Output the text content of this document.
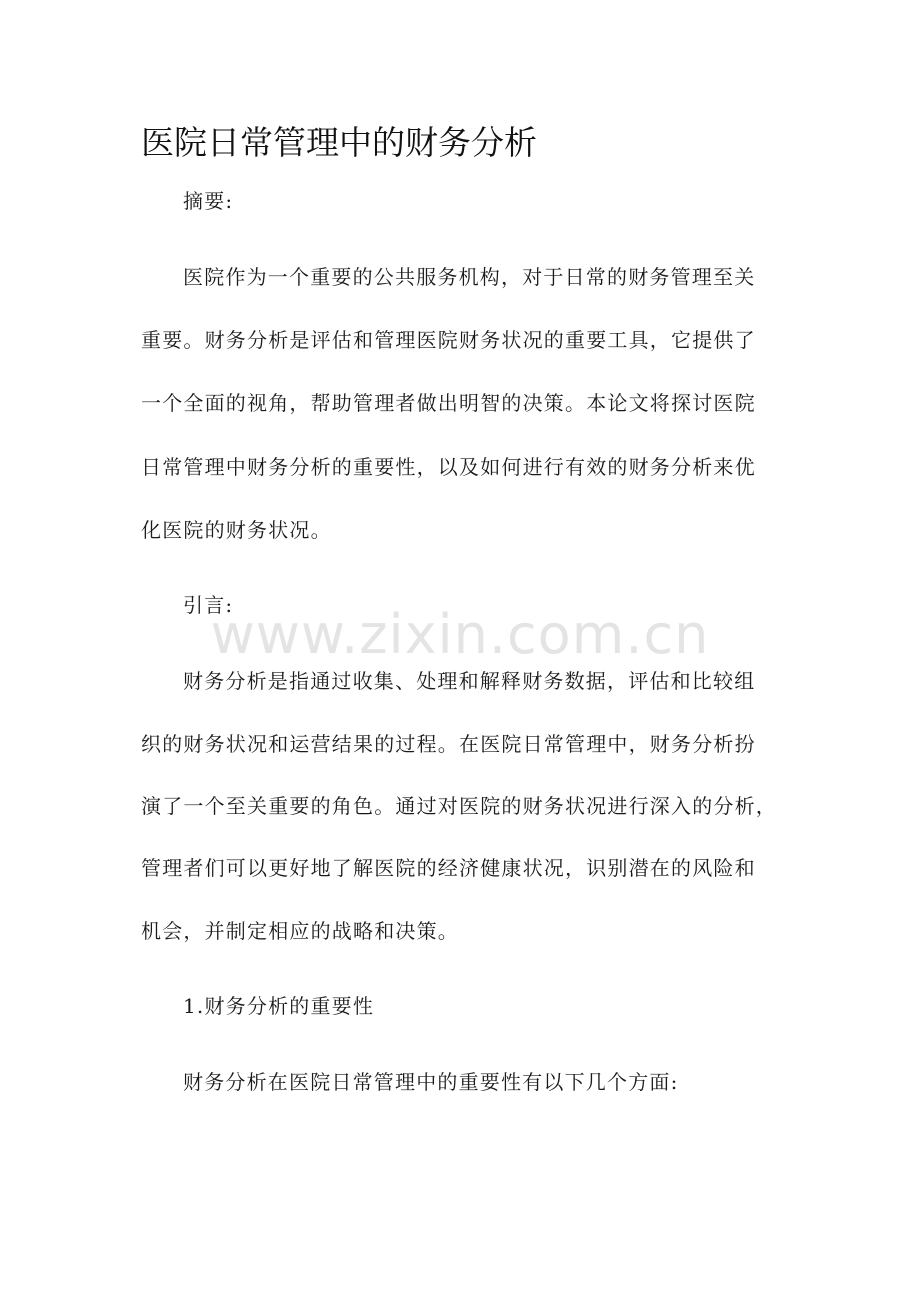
医院日常管理中的财务分析
摘要:
医院作为一个重要的公共服务机构，对于日常的财务管理至关
重要。财务分析是评估和管理医院财务状况的重要工具，它提供了
一个全面的视角，帮助管理者做出明智的决策。本论文将探讨医院
日常管理中财务分析的重要性，以及如何进行有效的财务分析来优
化医院的财务状况。
引言:
财务分析是指通过收集、处理和解释财务数据，评估和比较组
织的财务状况和运营结果的过程。在医院日常管理中，财务分析扮
演了一个至关重要的角色。通过对医院的财务状况进行深入的分析，
管理者们可以更好地了解医院的经济健康状况，识别潜在的风险和
机会，并制定相应的战略和决策。
1.财务分析的重要性
财务分析在医院日常管理中的重要性有以下几个方面:
www.zixin.com.cn
